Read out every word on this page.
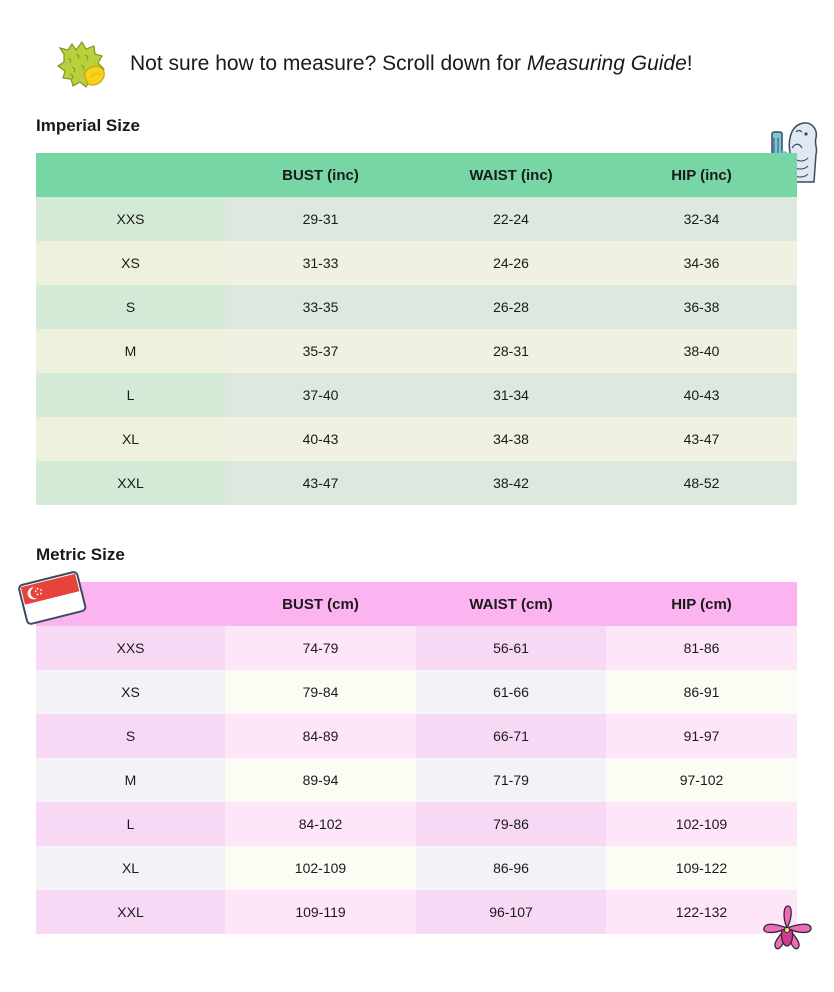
Not sure how to measure? Scroll down for Measuring Guide!
Imperial Size
	BUST (inc)	WAIST (inc)	HIP (inc)
XXS	29-31	22-24	32-34
XS	31-33	24-26	34-36
S	33-35	26-28	36-38
M	35-37	28-31	38-40
L	37-40	31-34	40-43
XL	40-43	34-38	43-47
XXL	43-47	38-42	48-52
Metric Size
	BUST (cm)	WAIST (cm)	HIP (cm)
XXS	74-79	56-61	81-86
XS	79-84	61-66	86-91
S	84-89	66-71	91-97
M	89-94	71-79	97-102
L	84-102	79-86	102-109
XL	102-109	86-96	109-122
XXL	109-119	96-107	122-132
